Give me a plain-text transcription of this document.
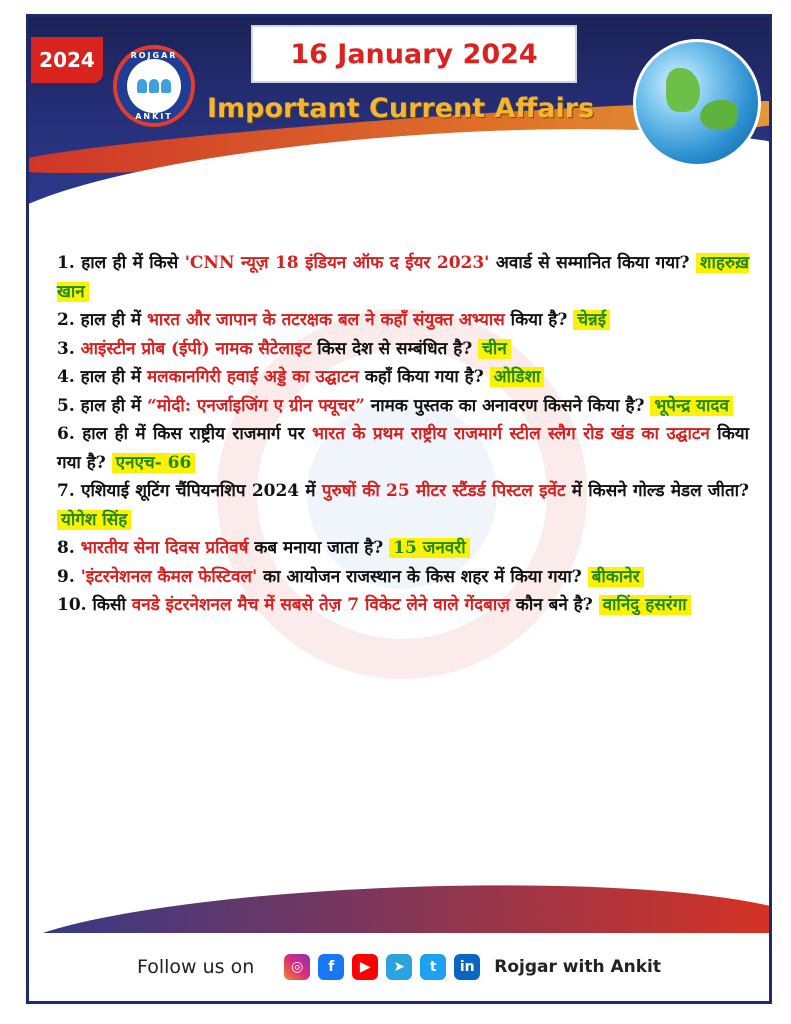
2024	ROJGAR
ANKIT
16 January 2024
Important Current Affairs
1. हाल ही में किसे 'CNN न्यूज़ 18 इंडियन ऑफ द ईयर 2023' अवार्ड से सम्मानित किया गया? शाहरुख़ खान
2. हाल ही में भारत और जापान के तटरक्षक बल ने कहाँ संयुक्त अभ्यास किया है? चेन्नई
3. आइंस्टीन प्रोब (ईपी) नामक सैटेलाइट किस देश से सम्बंधित है? चीन
4. हाल ही में मलकानगिरी हवाई अड्डे का उद्घाटन कहाँ किया गया है? ओडिशा
5. हाल ही में “मोदी: एनर्जाइजिंग ए ग्रीन फ्यूचर” नामक पुस्तक का अनावरण किसने किया है? भूपेन्द्र यादव
6. हाल ही में किस राष्ट्रीय राजमार्ग पर भारत के प्रथम राष्ट्रीय राजमार्ग स्टील स्लैग रोड खंड का उद्घाटन किया गया है? एनएच- 66
7. एशियाई शूटिंग चैंपियनशिप 2024 में पुरुषों की 25 मीटर स्टैंडर्ड पिस्टल इवेंट में किसने गोल्ड मेडल जीता? योगेश सिंह
8. भारतीय सेना दिवस प्रतिवर्ष कब मनाया जाता है? 15 जनवरी
9. 'इंटरनेशनल कैमल फेस्टिवल' का आयोजन राजस्थान के किस शहर में किया गया? बीकानेर
10. किसी वनडे इंटरनेशनल मैच में सबसे तेज़ 7 विकेट लेने वाले गेंदबाज़ कौन बने है? वानिंदु हसरंगा
Follow us on	◎	f	▶	➤	t	in	Rojgar with Ankit
